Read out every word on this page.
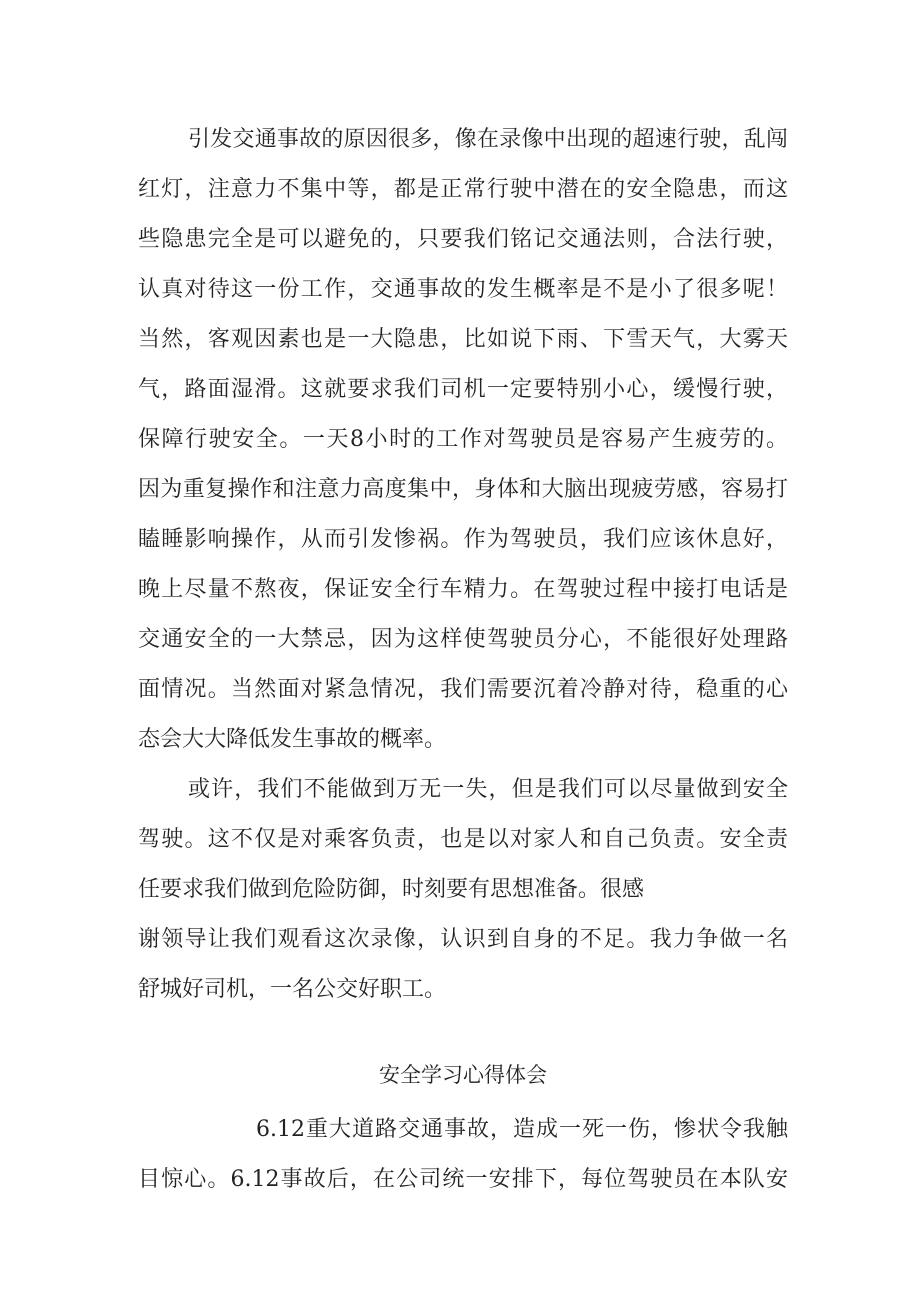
引发交通事故的原因很多，像在录像中出现的超速行驶，乱闯
红灯，注意力不集中等，都是正常行驶中潜在的安全隐患，而这
些隐患完全是可以避免的，只要我们铭记交通法则，合法行驶，
认真对待这一份工作，交通事故的发生概率是不是小了很多呢！
当然，客观因素也是一大隐患，比如说下雨、下雪天气，大雾天
气，路面湿滑。这就要求我们司机一定要特别小心，缓慢行驶，
保障行驶安全。一天8小时的工作对驾驶员是容易产生疲劳的。
因为重复操作和注意力高度集中，身体和大脑出现疲劳感，容易打
瞌睡影响操作，从而引发惨祸。作为驾驶员，我们应该休息好，
晚上尽量不熬夜，保证安全行车精力。在驾驶过程中接打电话是
交通安全的一大禁忌，因为这样使驾驶员分心，不能很好处理路
面情况。当然面对紧急情况，我们需要沉着冷静对待，稳重的心
态会大大降低发生事故的概率。
或许，我们不能做到万无一失，但是我们可以尽量做到安全
驾驶。这不仅是对乘客负责，也是以对家人和自己负责。安全责
任要求我们做到危险防御，时刻要有思想准备。很感
谢领导让我们观看这次录像，认识到自身的不足。我力争做一名
舒城好司机，一名公交好职工。
安全学习心得体会
6.12重大道路交通事故，造成一死一伤，惨状令我触
目惊心。6.12事故后，在公司统一安排下，每位驾驶员在本队安
